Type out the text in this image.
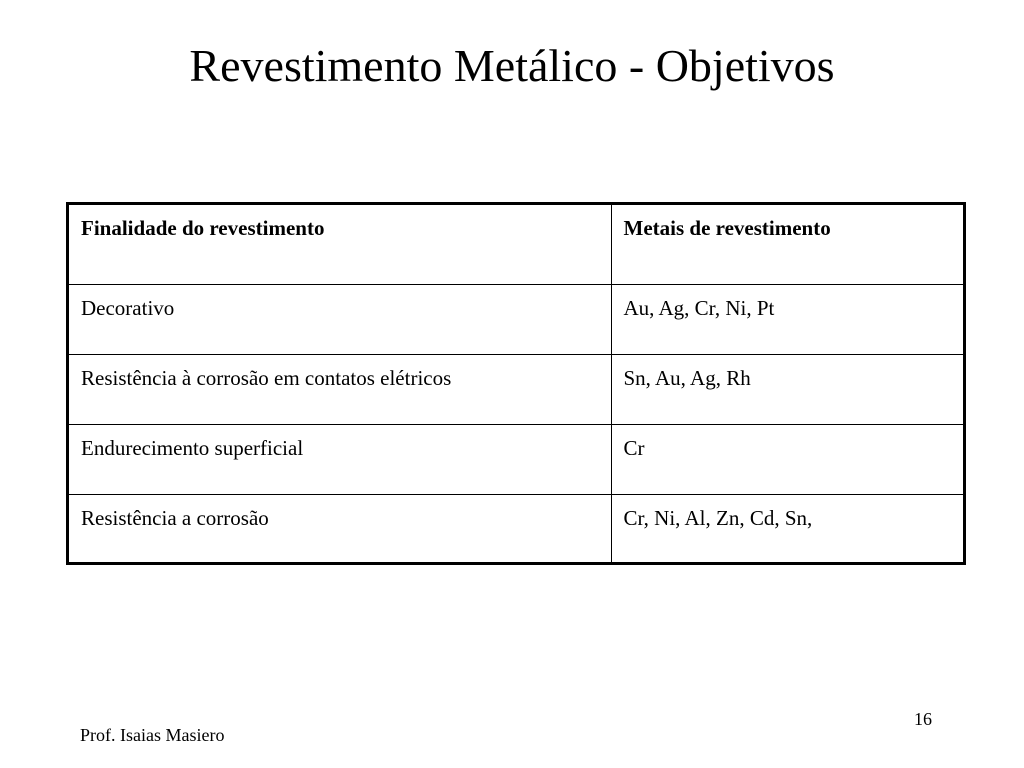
Revestimento Metálico - Objetivos
Finalidade do revestimento	Metais de revestimento
Decorativo	Au, Ag, Cr, Ni, Pt
Resistência à corrosão em contatos elétricos	Sn, Au, Ag, Rh
Endurecimento superficial	Cr
Resistência a corrosão	Cr, Ni, Al, Zn, Cd, Sn,
Prof. Isaias Masiero
16
